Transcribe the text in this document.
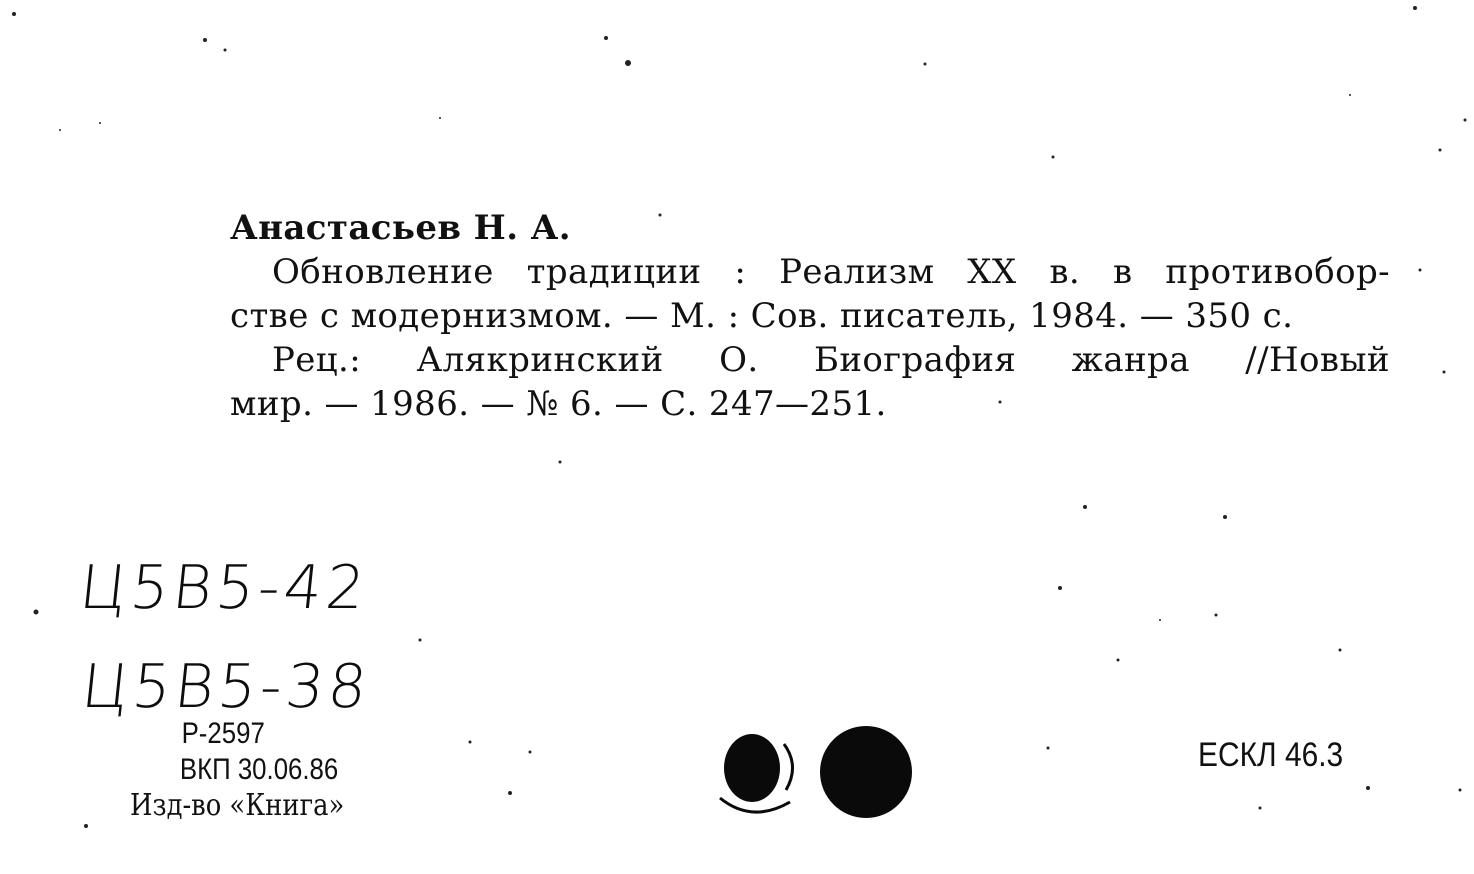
Анастасьев Н. А.
Обновление традиции : Реализм XX в. в противобор-
стве с модернизмом. — М. : Сов. писатель, 1984. — 350 с.
Рец.: Алякринский О. Биография жанра //Новый
мир. — 1986. — № 6. — С. 247—251.
Ц5В5-42
Ц5В5-38
Р-2597
ВКП 30.06.86
Изд-во «Книга»
ЕСКЛ 46.3
